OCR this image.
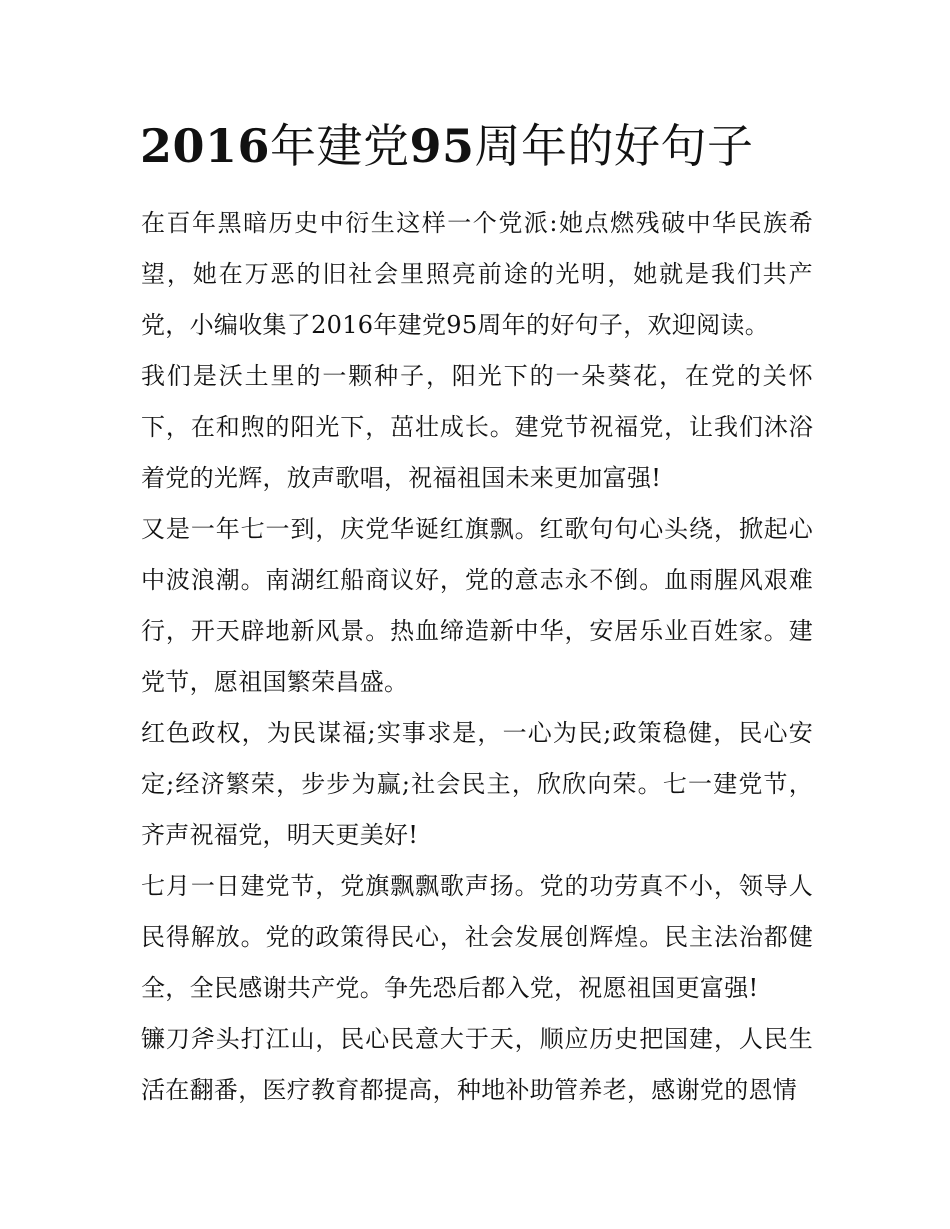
2016年建党95周年的好句子

在百年黑暗历史中衍生这样一个党派:她点燃残破中华民族希望，她在万恶的旧社会里照亮前途的光明，她就是我们共产党，小编收集了2016年建党95周年的好句子，欢迎阅读。

我们是沃土里的一颗种子，阳光下的一朵葵花，在党的关怀下，在和煦的阳光下，茁壮成长。建党节祝福党，让我们沐浴着党的光辉，放声歌唱，祝福祖国未来更加富强!

又是一年七一到，庆党华诞红旗飘。红歌句句心头绕，掀起心中波浪潮。南湖红船商议好，党的意志永不倒。血雨腥风艰难行，开天辟地新风景。热血缔造新中华，安居乐业百姓家。建党节，愿祖国繁荣昌盛。

红色政权，为民谋福;实事求是，一心为民;政策稳健，民心安定;经济繁荣，步步为赢;社会民主，欣欣向荣。七一建党节，齐声祝福党，明天更美好!

七月一日建党节，党旗飘飘歌声扬。党的功劳真不小，领导人民得解放。党的政策得民心，社会发展创辉煌。民主法治都健全，全民感谢共产党。争先恐后都入党，祝愿祖国更富强!

镰刀斧头打江山，民心民意大于天，顺应历史把国建，人民生活在翻番，医疗教育都提高，种地补助管养老，感谢党的恩情
